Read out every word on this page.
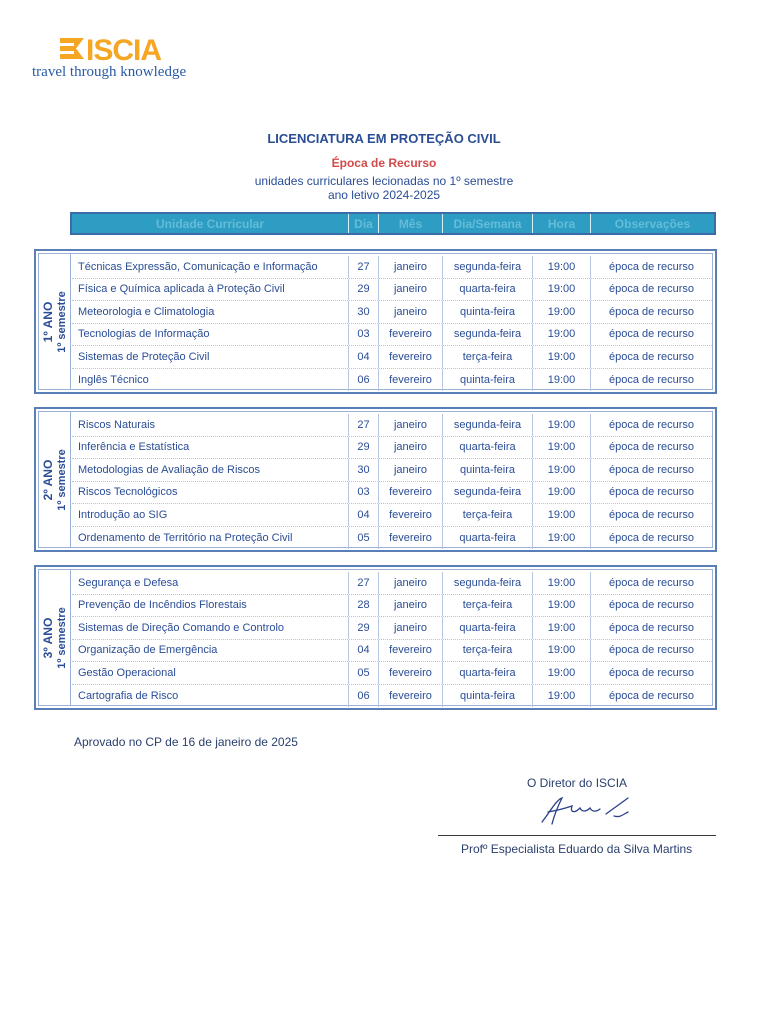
ISCIA
travel through knowledge
LICENCIATURA EM PROTEÇÃO CIVIL
Época de Recurso
unidades curriculares lecionadas no 1º semestre
ano letivo 2024-2025
Unidade Curricular	Dia	Mês	Dia/Semana	Hora	Observações
1º ANO 1º semestre
Técnicas Expressão, Comunicação e Informação	27	janeiro	segunda-feira	19:00	época de recurso
Física e Química aplicada à Proteção Civil	29	janeiro	quarta-feira	19:00	época de recurso
Meteorologia e Climatologia	30	janeiro	quinta-feira	19:00	época de recurso
Tecnologias de Informação	03	fevereiro	segunda-feira	19:00	época de recurso
Sistemas de Proteção Civil	04	fevereiro	terça-feira	19:00	época de recurso
Inglês Técnico	06	fevereiro	quinta-feira	19:00	época de recurso
2º ANO 1º semestre
Riscos Naturais	27	janeiro	segunda-feira	19:00	época de recurso
Inferência e Estatística	29	janeiro	quarta-feira	19:00	época de recurso
Metodologias de Avaliação de Riscos	30	janeiro	quinta-feira	19:00	época de recurso
Riscos Tecnológicos	03	fevereiro	segunda-feira	19:00	época de recurso
Introdução ao SIG	04	fevereiro	terça-feira	19:00	época de recurso
Ordenamento de Território na Proteção Civil	05	fevereiro	quarta-feira	19:00	época de recurso
3º ANO 1º semestre
Segurança e Defesa	27	janeiro	segunda-feira	19:00	época de recurso
Prevenção de Incêndios Florestais	28	janeiro	terça-feira	19:00	época de recurso
Sistemas de Direção Comando e Controlo	29	janeiro	quarta-feira	19:00	época de recurso
Organização de Emergência	04	fevereiro	terça-feira	19:00	época de recurso
Gestão Operacional	05	fevereiro	quarta-feira	19:00	época de recurso
Cartografia de Risco	06	fevereiro	quinta-feira	19:00	época de recurso
Aprovado no CP de 16 de janeiro de 2025
O Diretor do ISCIA
Profº Especialista Eduardo da Silva Martins
